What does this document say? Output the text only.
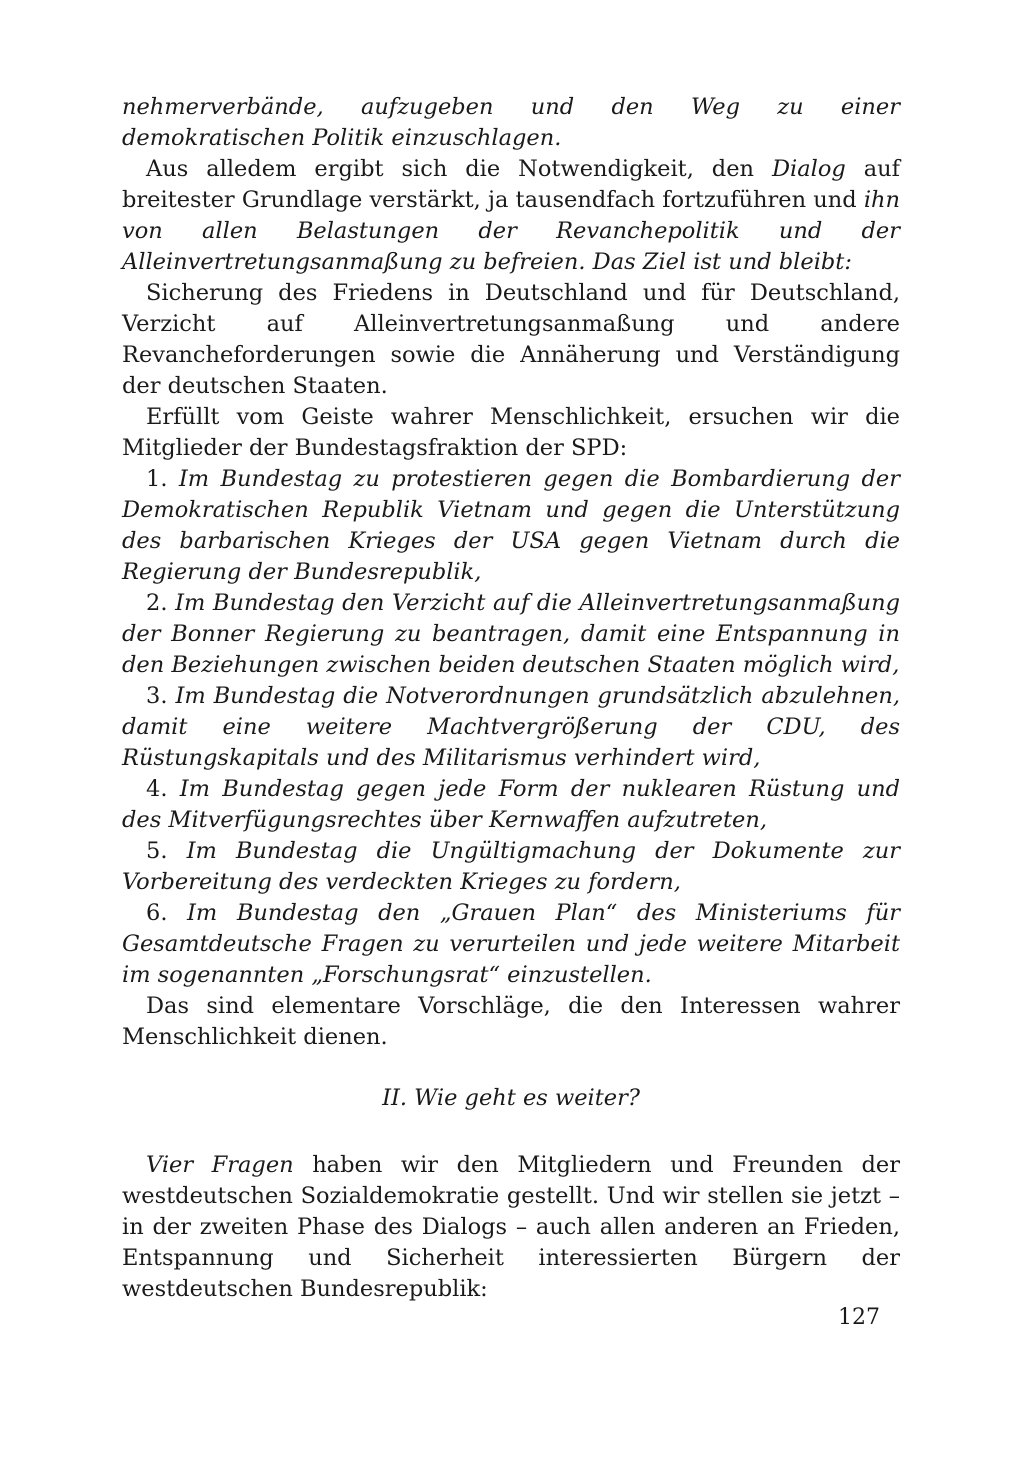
nehmerverbände, aufzugeben und den Weg zu einer demokratischen Politik einzuschlagen.

Aus alledem ergibt sich die Notwendigkeit, den Dialog auf breitester Grundlage verstärkt, ja tausendfach fortzuführen und ihn von allen Belastungen der Revanchepolitik und der Alleinvertretungsanmaßung zu befreien. Das Ziel ist und bleibt:

Sicherung des Friedens in Deutschland und für Deutschland, Verzicht auf Alleinvertretungsanmaßung und andere Revancheforderungen sowie die Annäherung und Verständigung der deutschen Staaten.

Erfüllt vom Geiste wahrer Menschlichkeit, ersuchen wir die Mitglieder der Bundestagsfraktion der SPD:

1. Im Bundestag zu protestieren gegen die Bombardierung der Demokratischen Republik Vietnam und gegen die Unterstützung des barbarischen Krieges der USA gegen Vietnam durch die Regierung der Bundesrepublik,

2. Im Bundestag den Verzicht auf die Alleinvertretungsanmaßung der Bonner Regierung zu beantragen, damit eine Entspannung in den Beziehungen zwischen beiden deutschen Staaten möglich wird,

3. Im Bundestag die Notverordnungen grundsätzlich abzulehnen, damit eine weitere Machtvergrößerung der CDU, des Rüstungskapitals und des Militarismus verhindert wird,

4. Im Bundestag gegen jede Form der nuklearen Rüstung und des Mitverfügungsrechtes über Kernwaffen aufzutreten,

5. Im Bundestag die Ungültigmachung der Dokumente zur Vorbereitung des verdeckten Krieges zu fordern,

6. Im Bundestag den „Grauen Plan“ des Ministeriums für Gesamtdeutsche Fragen zu verurteilen und jede weitere Mitarbeit im sogenannten „Forschungsrat“ einzustellen.

Das sind elementare Vorschläge, die den Interessen wahrer Menschlichkeit dienen.

II. Wie geht es weiter?

Vier Fragen haben wir den Mitgliedern und Freunden der westdeutschen Sozialdemokratie gestellt. Und wir stellen sie jetzt – in der zweiten Phase des Dialogs – auch allen anderen an Frieden, Entspannung und Sicherheit interessierten Bürgern der westdeutschen Bundesrepublik:

127
